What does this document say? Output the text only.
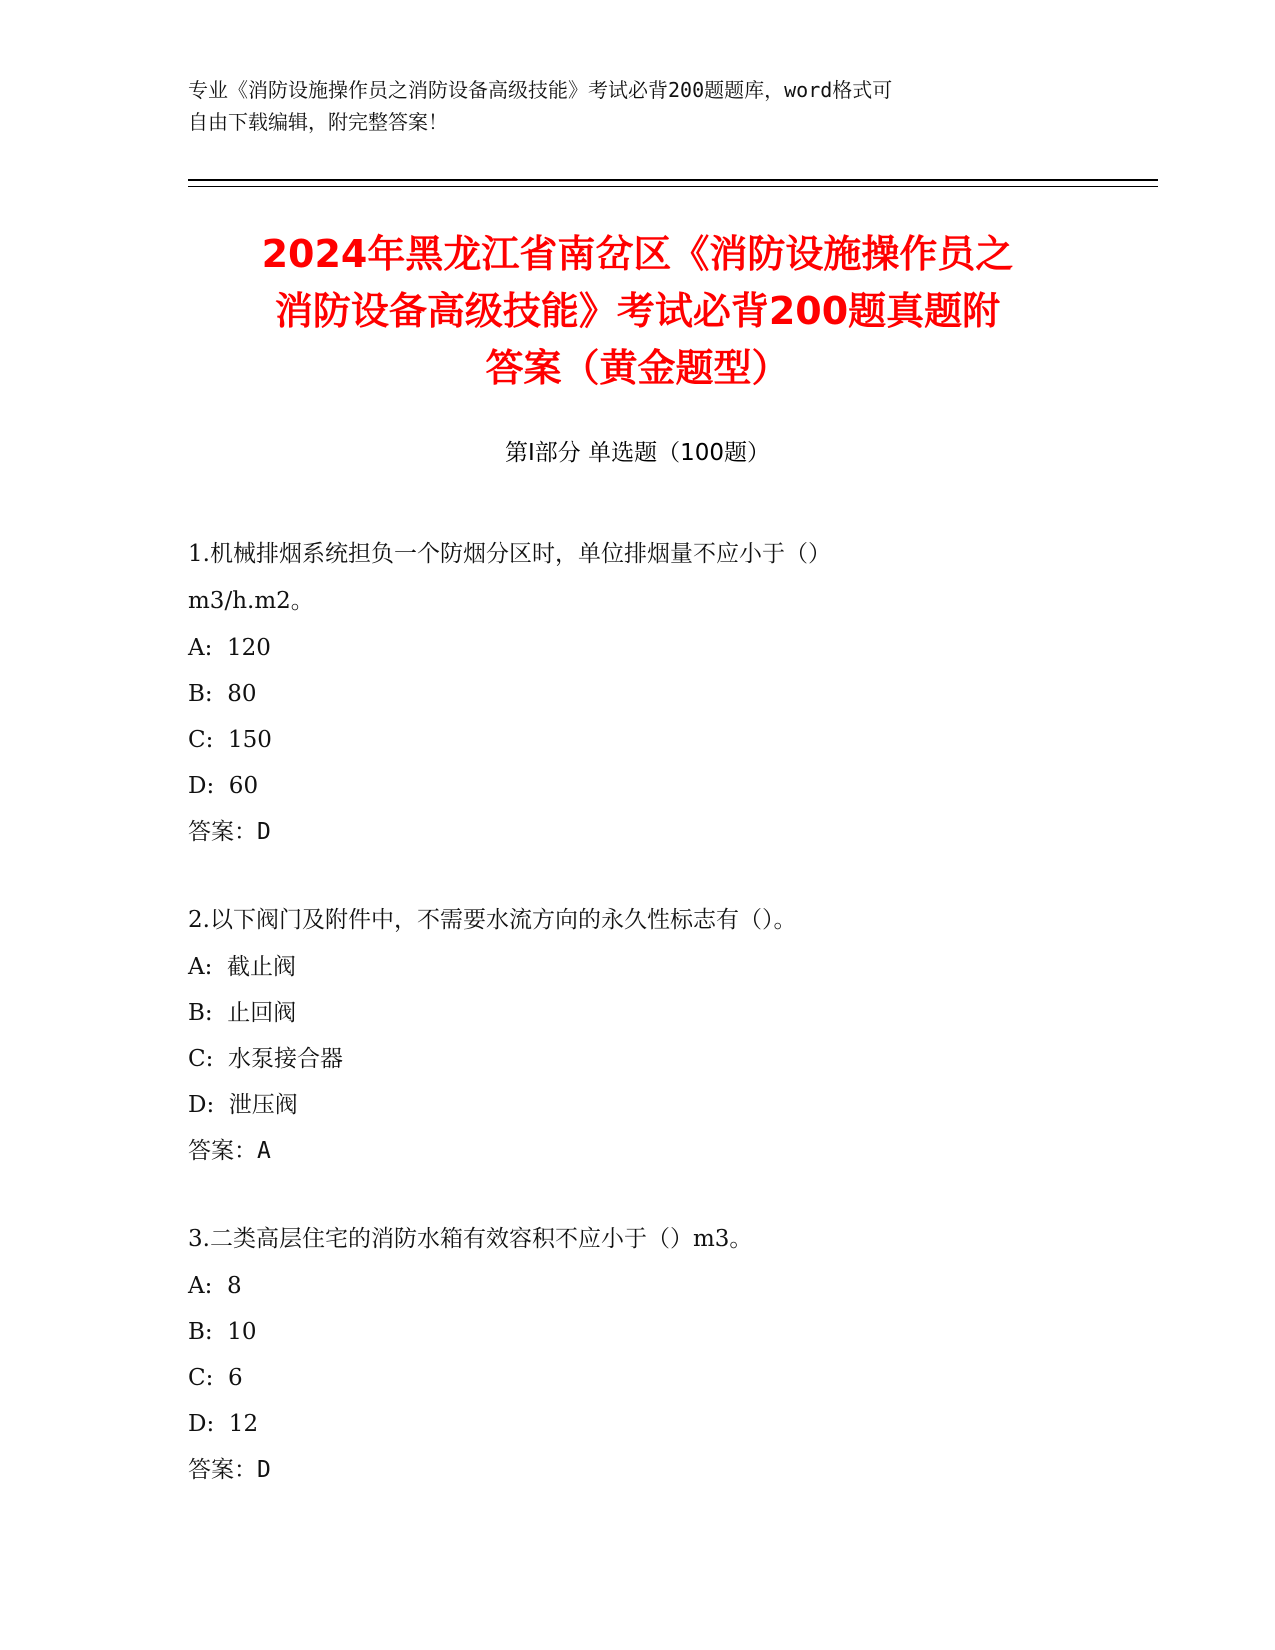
专业《消防设施操作员之消防设备高级技能》考试必背200题题库，word格式可
自由下载编辑，附完整答案！
2024年黑龙江省南岔区《消防设施操作员之
消防设备高级技能》考试必背200题真题附
答案（黄金题型）
第Ⅰ部分 单选题（100题）
1.机械排烟系统担负一个防烟分区时，单位排烟量不应小于（）
m3/h.m2。
A:  120
B:  80
C:  150
D:  60
答案：D
2.以下阀门及附件中，不需要水流方向的永久性标志有（）。
A:  截止阀
B:  止回阀
C:  水泵接合器
D:  泄压阀
答案：A
3.二类高层住宅的消防水箱有效容积不应小于（）m3。
A:  8
B:  10
C:  6
D:  12
答案：D
